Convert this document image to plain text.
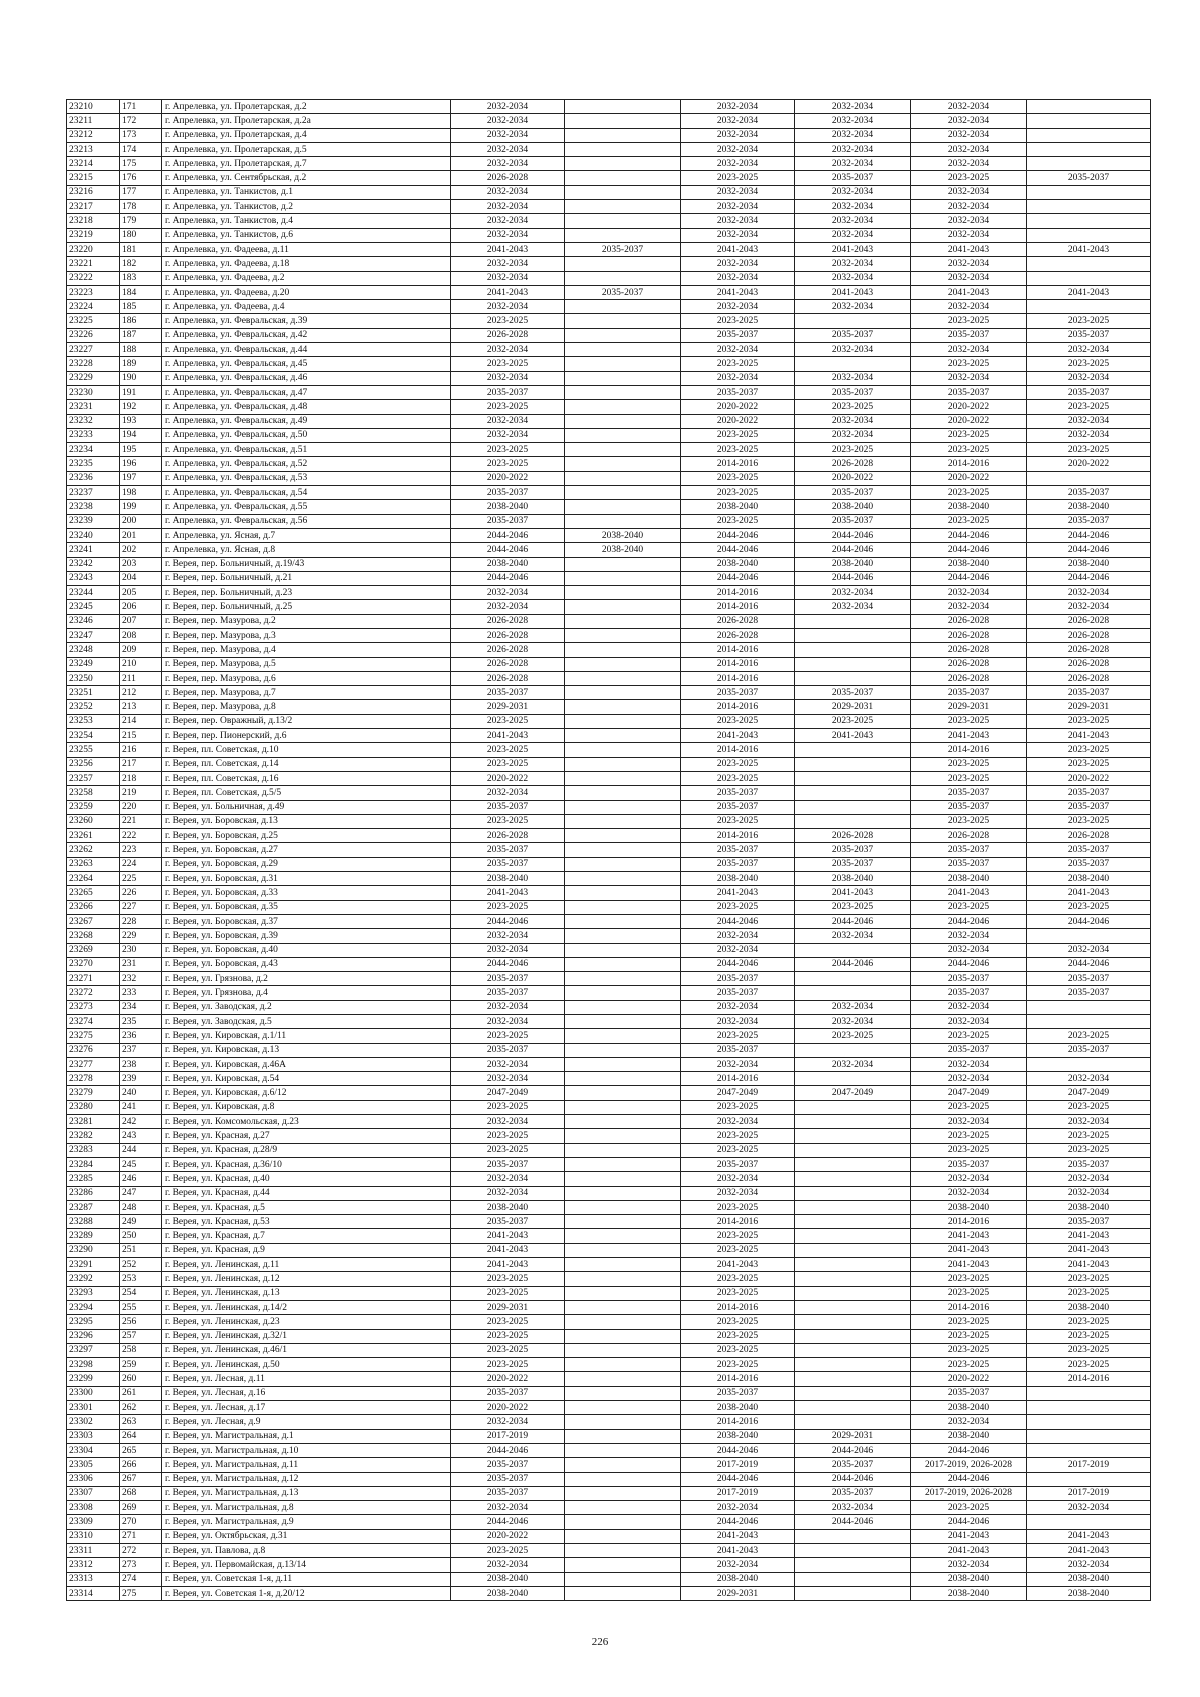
23210	171	г. Апрелевка, ул. Пролетарская, д.2	2032-2034		2032-2034	2032-2034	2032-2034	
23211	172	г. Апрелевка, ул. Пролетарская, д.2а	2032-2034		2032-2034	2032-2034	2032-2034	
23212	173	г. Апрелевка, ул. Пролетарская, д.4	2032-2034		2032-2034	2032-2034	2032-2034	
23213	174	г. Апрелевка, ул. Пролетарская, д.5	2032-2034		2032-2034	2032-2034	2032-2034	
23214	175	г. Апрелевка, ул. Пролетарская, д.7	2032-2034		2032-2034	2032-2034	2032-2034	
23215	176	г. Апрелевка, ул. Сентябрьская, д.2	2026-2028		2023-2025	2035-2037	2023-2025	2035-2037
23216	177	г. Апрелевка, ул. Танкистов, д.1	2032-2034		2032-2034	2032-2034	2032-2034	
23217	178	г. Апрелевка, ул. Танкистов, д.2	2032-2034		2032-2034	2032-2034	2032-2034	
23218	179	г. Апрелевка, ул. Танкистов, д.4	2032-2034		2032-2034	2032-2034	2032-2034	
23219	180	г. Апрелевка, ул. Танкистов, д.6	2032-2034		2032-2034	2032-2034	2032-2034	
23220	181	г. Апрелевка, ул. Фадеева, д.11	2041-2043	2035-2037	2041-2043	2041-2043	2041-2043	2041-2043
23221	182	г. Апрелевка, ул. Фадеева, д.18	2032-2034		2032-2034	2032-2034	2032-2034	
23222	183	г. Апрелевка, ул. Фадеева, д.2	2032-2034		2032-2034	2032-2034	2032-2034	
23223	184	г. Апрелевка, ул. Фадеева, д.20	2041-2043	2035-2037	2041-2043	2041-2043	2041-2043	2041-2043
23224	185	г. Апрелевка, ул. Фадеева, д.4	2032-2034		2032-2034	2032-2034	2032-2034	
23225	186	г. Апрелевка, ул. Февральская, д.39	2023-2025		2023-2025		2023-2025	2023-2025
23226	187	г. Апрелевка, ул. Февральская, д.42	2026-2028		2035-2037	2035-2037	2035-2037	2035-2037
23227	188	г. Апрелевка, ул. Февральская, д.44	2032-2034		2032-2034	2032-2034	2032-2034	2032-2034
23228	189	г. Апрелевка, ул. Февральская, д.45	2023-2025		2023-2025		2023-2025	2023-2025
23229	190	г. Апрелевка, ул. Февральская, д.46	2032-2034		2032-2034	2032-2034	2032-2034	2032-2034
23230	191	г. Апрелевка, ул. Февральская, д.47	2035-2037		2035-2037	2035-2037	2035-2037	2035-2037
23231	192	г. Апрелевка, ул. Февральская, д.48	2023-2025		2020-2022	2023-2025	2020-2022	2023-2025
23232	193	г. Апрелевка, ул. Февральская, д.49	2032-2034		2020-2022	2032-2034	2020-2022	2032-2034
23233	194	г. Апрелевка, ул. Февральская, д.50	2032-2034		2023-2025	2032-2034	2023-2025	2032-2034
23234	195	г. Апрелевка, ул. Февральская, д.51	2023-2025		2023-2025	2023-2025	2023-2025	2023-2025
23235	196	г. Апрелевка, ул. Февральская, д.52	2023-2025		2014-2016	2026-2028	2014-2016	2020-2022
23236	197	г. Апрелевка, ул. Февральская, д.53	2020-2022		2023-2025	2020-2022	2020-2022	
23237	198	г. Апрелевка, ул. Февральская, д.54	2035-2037		2023-2025	2035-2037	2023-2025	2035-2037
23238	199	г. Апрелевка, ул. Февральская, д.55	2038-2040		2038-2040	2038-2040	2038-2040	2038-2040
23239	200	г. Апрелевка, ул. Февральская, д.56	2035-2037		2023-2025	2035-2037	2023-2025	2035-2037
23240	201	г. Апрелевка, ул. Ясная, д.7	2044-2046	2038-2040	2044-2046	2044-2046	2044-2046	2044-2046
23241	202	г. Апрелевка, ул. Ясная, д.8	2044-2046	2038-2040	2044-2046	2044-2046	2044-2046	2044-2046
23242	203	г. Верея, пер. Больничный, д.19/43	2038-2040		2038-2040	2038-2040	2038-2040	2038-2040
23243	204	г. Верея, пер. Больничный, д.21	2044-2046		2044-2046	2044-2046	2044-2046	2044-2046
23244	205	г. Верея, пер. Больничный, д.23	2032-2034		2014-2016	2032-2034	2032-2034	2032-2034
23245	206	г. Верея, пер. Больничный, д.25	2032-2034		2014-2016	2032-2034	2032-2034	2032-2034
23246	207	г. Верея, пер. Мазурова, д.2	2026-2028		2026-2028		2026-2028	2026-2028
23247	208	г. Верея, пер. Мазурова, д.3	2026-2028		2026-2028		2026-2028	2026-2028
23248	209	г. Верея, пер. Мазурова, д.4	2026-2028		2014-2016		2026-2028	2026-2028
23249	210	г. Верея, пер. Мазурова, д.5	2026-2028		2014-2016		2026-2028	2026-2028
23250	211	г. Верея, пер. Мазурова, д.6	2026-2028		2014-2016		2026-2028	2026-2028
23251	212	г. Верея, пер. Мазурова, д.7	2035-2037		2035-2037	2035-2037	2035-2037	2035-2037
23252	213	г. Верея, пер. Мазурова, д.8	2029-2031		2014-2016	2029-2031	2029-2031	2029-2031
23253	214	г. Верея, пер. Овражный, д.13/2	2023-2025		2023-2025	2023-2025	2023-2025	2023-2025
23254	215	г. Верея, пер. Пионерский, д.6	2041-2043		2041-2043	2041-2043	2041-2043	2041-2043
23255	216	г. Верея, пл. Советская, д.10	2023-2025		2014-2016		2014-2016	2023-2025
23256	217	г. Верея, пл. Советская, д.14	2023-2025		2023-2025		2023-2025	2023-2025
23257	218	г. Верея, пл. Советская, д.16	2020-2022		2023-2025		2023-2025	2020-2022
23258	219	г. Верея, пл. Советская, д.5/5	2032-2034		2035-2037		2035-2037	2035-2037
23259	220	г. Верея, ул. Больничная, д.49	2035-2037		2035-2037		2035-2037	2035-2037
23260	221	г. Верея, ул. Боровская, д.13	2023-2025		2023-2025		2023-2025	2023-2025
23261	222	г. Верея, ул. Боровская, д.25	2026-2028		2014-2016	2026-2028	2026-2028	2026-2028
23262	223	г. Верея, ул. Боровская, д.27	2035-2037		2035-2037	2035-2037	2035-2037	2035-2037
23263	224	г. Верея, ул. Боровская, д.29	2035-2037		2035-2037	2035-2037	2035-2037	2035-2037
23264	225	г. Верея, ул. Боровская, д.31	2038-2040		2038-2040	2038-2040	2038-2040	2038-2040
23265	226	г. Верея, ул. Боровская, д.33	2041-2043		2041-2043	2041-2043	2041-2043	2041-2043
23266	227	г. Верея, ул. Боровская, д.35	2023-2025		2023-2025	2023-2025	2023-2025	2023-2025
23267	228	г. Верея, ул. Боровская, д.37	2044-2046		2044-2046	2044-2046	2044-2046	2044-2046
23268	229	г. Верея, ул. Боровская, д.39	2032-2034		2032-2034	2032-2034	2032-2034	
23269	230	г. Верея, ул. Боровская, д.40	2032-2034		2032-2034		2032-2034	2032-2034
23270	231	г. Верея, ул. Боровская, д.43	2044-2046		2044-2046	2044-2046	2044-2046	2044-2046
23271	232	г. Верея, ул. Грязнова, д.2	2035-2037		2035-2037		2035-2037	2035-2037
23272	233	г. Верея, ул. Грязнова, д.4	2035-2037		2035-2037		2035-2037	2035-2037
23273	234	г. Верея, ул. Заводская, д.2	2032-2034		2032-2034	2032-2034	2032-2034	
23274	235	г. Верея, ул. Заводская, д.5	2032-2034		2032-2034	2032-2034	2032-2034	
23275	236	г. Верея, ул. Кировская, д.1/11	2023-2025		2023-2025	2023-2025	2023-2025	2023-2025
23276	237	г. Верея, ул. Кировская, д.13	2035-2037		2035-2037		2035-2037	2035-2037
23277	238	г. Верея, ул. Кировская, д.46А	2032-2034		2032-2034	2032-2034	2032-2034	
23278	239	г. Верея, ул. Кировская, д.54	2032-2034		2014-2016		2032-2034	2032-2034
23279	240	г. Верея, ул. Кировская, д.6/12	2047-2049		2047-2049	2047-2049	2047-2049	2047-2049
23280	241	г. Верея, ул. Кировская, д.8	2023-2025		2023-2025		2023-2025	2023-2025
23281	242	г. Верея, ул. Комсомольская, д.23	2032-2034		2032-2034		2032-2034	2032-2034
23282	243	г. Верея, ул. Красная, д.27	2023-2025		2023-2025		2023-2025	2023-2025
23283	244	г. Верея, ул. Красная, д.28/9	2023-2025		2023-2025		2023-2025	2023-2025
23284	245	г. Верея, ул. Красная, д.36/10	2035-2037		2035-2037		2035-2037	2035-2037
23285	246	г. Верея, ул. Красная, д.40	2032-2034		2032-2034		2032-2034	2032-2034
23286	247	г. Верея, ул. Красная, д.44	2032-2034		2032-2034		2032-2034	2032-2034
23287	248	г. Верея, ул. Красная, д.5	2038-2040		2023-2025		2038-2040	2038-2040
23288	249	г. Верея, ул. Красная, д.53	2035-2037		2014-2016		2014-2016	2035-2037
23289	250	г. Верея, ул. Красная, д.7	2041-2043		2023-2025		2041-2043	2041-2043
23290	251	г. Верея, ул. Красная, д.9	2041-2043		2023-2025		2041-2043	2041-2043
23291	252	г. Верея, ул. Ленинская, д.11	2041-2043		2041-2043		2041-2043	2041-2043
23292	253	г. Верея, ул. Ленинская, д.12	2023-2025		2023-2025		2023-2025	2023-2025
23293	254	г. Верея, ул. Ленинская, д.13	2023-2025		2023-2025		2023-2025	2023-2025
23294	255	г. Верея, ул. Ленинская, д.14/2	2029-2031		2014-2016		2014-2016	2038-2040
23295	256	г. Верея, ул. Ленинская, д.23	2023-2025		2023-2025		2023-2025	2023-2025
23296	257	г. Верея, ул. Ленинская, д.32/1	2023-2025		2023-2025		2023-2025	2023-2025
23297	258	г. Верея, ул. Ленинская, д.46/1	2023-2025		2023-2025		2023-2025	2023-2025
23298	259	г. Верея, ул. Ленинская, д.50	2023-2025		2023-2025		2023-2025	2023-2025
23299	260	г. Верея, ул. Лесная, д.11	2020-2022		2014-2016		2020-2022	2014-2016
23300	261	г. Верея, ул. Лесная, д.16	2035-2037		2035-2037		2035-2037	
23301	262	г. Верея, ул. Лесная, д.17	2020-2022		2038-2040		2038-2040	
23302	263	г. Верея, ул. Лесная, д.9	2032-2034		2014-2016		2032-2034	
23303	264	г. Верея, ул. Магистральная, д.1	2017-2019		2038-2040	2029-2031	2038-2040	
23304	265	г. Верея, ул. Магистральная, д.10	2044-2046		2044-2046	2044-2046	2044-2046	
23305	266	г. Верея, ул. Магистральная, д.11	2035-2037		2017-2019	2035-2037	2017-2019, 2026-2028	2017-2019
23306	267	г. Верея, ул. Магистральная, д.12	2035-2037		2044-2046	2044-2046	2044-2046	
23307	268	г. Верея, ул. Магистральная, д.13	2035-2037		2017-2019	2035-2037	2017-2019, 2026-2028	2017-2019
23308	269	г. Верея, ул. Магистральная, д.8	2032-2034		2032-2034	2032-2034	2023-2025	2032-2034
23309	270	г. Верея, ул. Магистральная, д.9	2044-2046		2044-2046	2044-2046	2044-2046	
23310	271	г. Верея, ул. Октябрьская, д.31	2020-2022		2041-2043		2041-2043	2041-2043
23311	272	г. Верея, ул. Павлова, д.8	2023-2025		2041-2043		2041-2043	2041-2043
23312	273	г. Верея, ул. Первомайская, д.13/14	2032-2034		2032-2034		2032-2034	2032-2034
23313	274	г. Верея, ул. Советская 1-я, д.11	2038-2040		2038-2040		2038-2040	2038-2040
23314	275	г. Верея, ул. Советская 1-я, д.20/12	2038-2040		2029-2031		2038-2040	2038-2040
226
